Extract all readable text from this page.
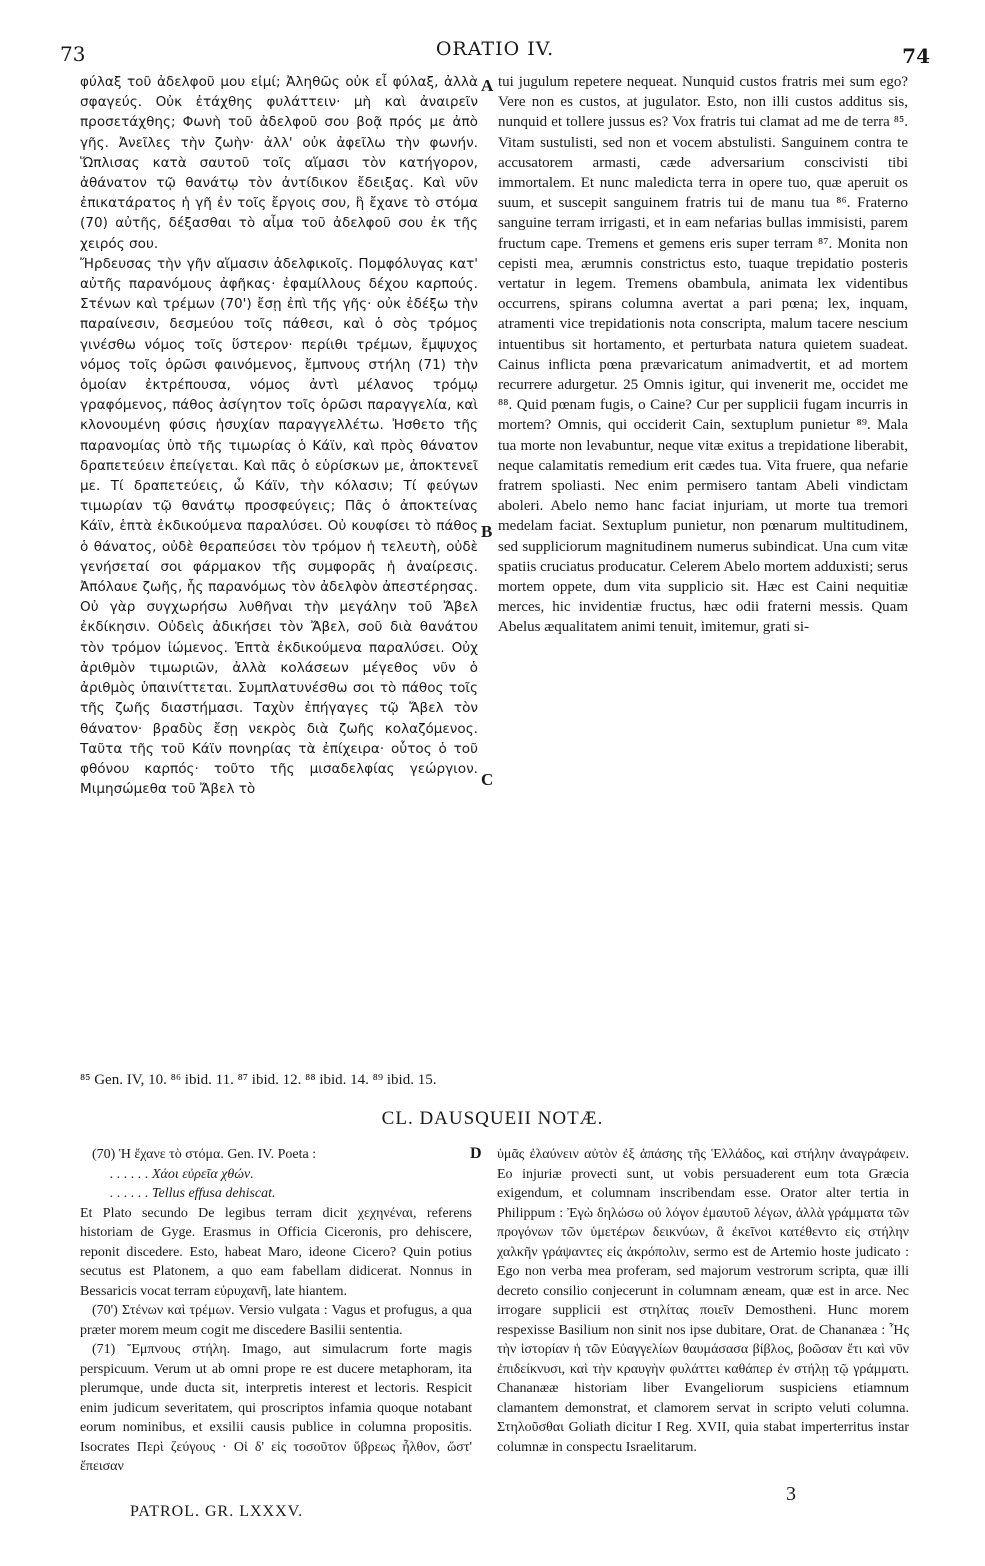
73	ORATIO IV.	74

φύλαξ τοῦ ἀδελφοῦ μου εἰμί; Ἀληθῶς οὐκ εἶ φύλαξ, ἀλλὰ σφαγεύς. Οὐκ ἐτάχθης φυλάττειν· μὴ καὶ ἀναιρεῖν προσετάχθης; Φωνὴ τοῦ ἀδελφοῦ σου βοᾷ πρός με ἀπὸ γῆς. Ἀνεῖλες τὴν ζωὴν· ἀλλ' οὐκ ἀφεῖλω τὴν φωνήν. Ὥπλισας κατὰ σαυτοῦ τοῖς αἵμασι τὸν κατήγορον, ἀθάνατον τῷ θανάτῳ τὸν ἀντίδικον ἔδειξας. Καὶ νῦν ἐπικατάρατος ἡ γῆ ἐν τοῖς ἔργοις σου, ἣ ἔχανε τὸ στόμα (70) αὐτῆς, δέξασθαι τὸ αἷμα τοῦ ἀδελφοῦ σου ἐκ τῆς χειρός σου.

Ἤρδευσας τὴν γῆν αἵμασιν ἀδελφικοῖς. Πομφόλυγας κατ' αὐτῆς παρανόμους ἀφῆκας· ἐφαμίλλους δέχου καρπούς. Στένων καὶ τρέμων (70') ἔσῃ ἐπὶ τῆς γῆς· οὐκ ἐδέξω τὴν παραίνεσιν, δεσμεύου τοῖς πάθεσι, καὶ ὁ σὸς τρόμος γινέσθω νόμος τοῖς ὕστερον· περίιθι τρέμων, ἔμψυχος νόμος τοῖς ὁρῶσι φαινόμενος, ἔμπνους στήλη (71) τὴν ὁμοίαν ἐκτρέπουσα, νόμος ἀντὶ μέλανος τρόμῳ γραφόμενος, πάθος ἀσίγητον τοῖς ὁρῶσι παραγγελία, καὶ κλονουμένη φύσις ἡσυχίαν παραγγελλέτω. Ἠσθετο τῆς παρανομίας ὑπὸ τῆς τιμωρίας ὁ Κάϊν, καὶ πρὸς θάνατον δραπετεύειν ἐπείγεται. Καὶ πᾶς ὁ εὑρίσκων με, ἀποκτενεῖ με. Τί δραπετεύεις, ὦ Κάϊν, τὴν κόλασιν; Τί φεύγων τιμωρίαν τῷ θανάτῳ προσφεύγεις; Πᾶς ὁ ἀποκτείνας Κάϊν, ἑπτὰ ἐκδικούμενα παραλύσει. Οὐ κουφίσει τὸ πάθος ὁ θάνατος, οὐδὲ θεραπεύσει τὸν τρόμον ἡ τελευτὴ, οὐδὲ γενήσεταί σοι φάρμακον τῆς συμφορᾶς ἡ ἀναίρεσις. Ἀπόλαυε ζωῆς, ἧς παρανόμως τὸν ἀδελφὸν ἀπεστέρησας. Οὐ γὰρ συγχωρήσω λυθῆναι τὴν μεγάλην τοῦ Ἄβελ ἐκδίκησιν. Οὐδεὶς ἀδικήσει τὸν Ἄβελ, σοῦ διὰ θανάτου τὸν τρόμον ἰώμενος. Ἑπτὰ ἐκδικούμενα παραλύσει. Οὐχ ἀριθμὸν τιμωριῶν, ἀλλὰ κολάσεων μέγεθος νῦν ὁ ἀριθμὸς ὑπαινίττεται. Συμπλατυνέσθω σοι τὸ πάθος τοῖς τῆς ζωῆς διαστήμασι. Ταχὺν ἐπήγαγες τῷ Ἄβελ τὸν θάνατον· βραδὺς ἔσῃ νεκρὸς διὰ ζωῆς κολαζόμενος. Ταῦτα τῆς τοῦ Κάϊν πονηρίας τὰ ἐπίχειρα· οὗτος ὁ τοῦ φθόνου καρπός· τοῦτο τῆς μισαδελφίας γεώργιον. Μιμησώμεθα τοῦ Ἄβελ τὸ

A
B
C

tui jugulum repetere nequeat. Nunquid custos fratris mei sum ego? Vere non es custos, at jugulator. Esto, non illi custos additus sis, nunquid et tollere jussus es? Vox fratris tui clamat ad me de terra ⁸⁵. Vitam sustulisti, sed non et vocem abstulisti. Sanguinem contra te accusatorem armasti, cæde adversarium conscivisti tibi immortalem. Et nunc maledicta terra in opere tuo, quæ aperuit os suum, et suscepit sanguinem fratris tui de manu tua ⁸⁶. Fraterno sanguine terram irrigasti, et in eam nefarias bullas immisisti, parem fructum cape. Tremens et gemens eris super terram ⁸⁷. Monita non cepisti mea, ærumnis constrictus esto, tuaque trepidatio posteris vertatur in legem. Tremens obambula, animata lex videntibus occurrens, spirans columna avertat a pari pœna; lex, inquam, atramenti vice trepidationis nota conscripta, malum tacere nescium intuentibus sit hortamento, et perturbata natura quietem suadeat. Cainus inflicta pœna prævaricatum animadvertit, et ad mortem recurrere adurgetur. 25 Omnis igitur, qui invenerit me, occidet me ⁸⁸. Quid pœnam fugis, o Caine? Cur per supplicii fugam incurris in mortem? Omnis, qui occiderit Cain, sextuplum punietur ⁸⁹. Mala tua morte non levabuntur, neque vitæ exitus a trepidatione liberabit, neque calamitatis remedium erit cædes tua. Vita fruere, qua nefarie fratrem spoliasti. Nec enim permisero tantam Abeli vindictam aboleri. Abelo nemo hanc faciat injuriam, ut morte tua tremori medelam faciat. Sextuplum punietur, non pœnarum multitudinem, sed suppliciorum magnitudinem numerus subindicat. Una cum vitæ spatiis cruciatus producatur. Celerem Abelo mortem adduxisti; serus mortem oppete, dum vita supplicio sit. Hæc est Caini nequitiæ merces, hic invidentiæ fructus, hæc odii fraterni messis. Quam Abelus æqualitatem animi tenuit, imitemur, grati si-

⁸⁵ Gen. IV, 10. ⁸⁶ ibid. 11. ⁸⁷ ibid. 12. ⁸⁸ ibid. 14. ⁸⁹ ibid. 15.
CL. DAUSQUEII NOTÆ.

(70) Ἡ ἔχανε τὸ στόμα. Gen. IV. Poeta :

. . . . . . Χάοι εὐρεῖα χθών.

. . . . . . Tellus effusa dehiscat.

Et Plato secundo De legibus terram dicit χεχηνέναι, referens historiam de Gyge. Erasmus in Officia Ciceronis, pro dehiscere, reponit discedere. Esto, habeat Maro, ideone Cicero? Quin potius secutus est Platonem, a quo eam fabellam didicerat. Nonnus in Bessaricis vocat terram εὐρυχανῆ, late hiantem.

(70') Στένων καὶ τρέμων. Versio vulgata : Vagus et profugus, a qua præter morem meum cogit me discedere Basilii sententia.

(71) Ἔμπνους στήλη. Imago, aut simulacrum forte magis perspicuum. Verum ut ab omni prope re est ducere metaphoram, ita plerumque, unde ducta sit, interpretis interest et lectoris. Respicit enim judicum severitatem, qui proscriptos infamia quoque notabant eorum nominibus, et exsilii causis publice in columna propositis. Isocrates Περὶ ζεύγους · Οἱ δ' εἰς τοσοῦτον ὕβρεως ἦλθον, ὥστ' ἔπεισαν

D ὑμᾶς ἐλαύνειν αὐτὸν ἐξ ἁπάσης τῆς Ἑλλάδος, καὶ στήλην ἀναγράφειν. Eo injuriæ provecti sunt, ut vobis persuaderent eum tota Græcia exigendum, et columnam inscribendam esse. Orator alter tertia in Philippum : Ἐγὼ δηλώσω οὐ λόγον ἐμαυτοῦ λέγων, ἀλλὰ γράμματα τῶν προγόνων τῶν ὑμετέρων δεικνύων, ἃ ἐκεῖνοι κατέθεντο εἰς στήλην χαλκῆν γράψαντες εἰς ἀκρόπολιν, sermo est de Artemio hoste judicato : Ego non verba mea proferam, sed majorum vestrorum scripta, quæ illi decreto consilio conjecerunt in columnam æneam, quæ est in arce. Nec irrogare supplicii est στηλίτας ποιεῖν Demostheni. Hunc morem respexisse Basilium non sinit nos ipse dubitare, Orat. de Chananæa : Ἧς τὴν ἱστορίαν ἡ τῶν Εὐαγγελίων θαυμάσασα βίβλος, βοῶσαν ἔτι καὶ νῦν ἐπιδείκνυσι, καὶ τὴν κραυγὴν φυλάττει καθάπερ ἐν στήλῃ τῷ γράμματι. Chananææ historiam liber Evangeliorum suspiciens etiamnum clamantem demonstrat, et clamorem servat in scripto veluti columna. Στηλοῦσθαι Goliath dicitur I Reg. XVII, quia stabat imperterritus instar columnæ in conspectu Israelitarum.

PATROL. GR. LXXXV.
3
